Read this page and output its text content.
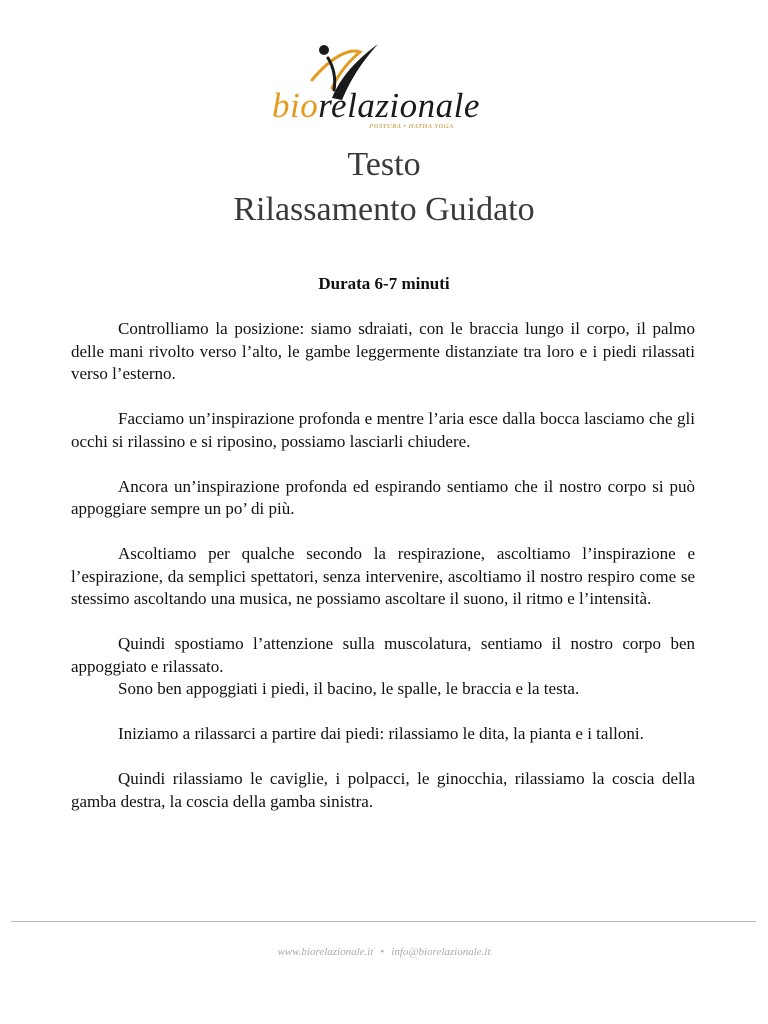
biorelazionale
POSTURA • HATHA YOGA
Testo
Rilassamento Guidato
Durata 6-7 minuti

Controlliamo la posizione: siamo sdraiati, con le braccia lungo il corpo, il palmo delle mani rivolto verso l’alto, le gambe leggermente distanziate tra loro e i piedi rilassati verso l’esterno.

Facciamo un’inspirazione profonda e mentre l’aria esce dalla bocca lasciamo che gli occhi si rilassino e si riposino, possiamo lasciarli chiudere.

Ancora un’inspirazione profonda ed espirando sentiamo che il nostro corpo si può appoggiare sempre un po’ di più.

Ascoltiamo per qualche secondo la respirazione, ascoltiamo l’inspirazione e l’espirazione, da semplici spettatori, senza intervenire, ascoltiamo il nostro respiro come se stessimo ascoltando una musica, ne possiamo ascoltare il suono, il ritmo e l’intensità.

Quindi spostiamo l’attenzione sulla muscolatura, sentiamo il nostro corpo ben appoggiato e rilassato.

Sono ben appoggiati i piedi, il bacino, le spalle, le braccia e la testa.

Iniziamo a rilassarci a partire dai piedi: rilassiamo le dita, la pianta e i talloni.

Quindi rilassiamo le caviglie, i polpacci, le ginocchia, rilassiamo la coscia della gamba destra, la coscia della gamba sinistra.

www.biorelazionale.it • info@biorelazionale.it
